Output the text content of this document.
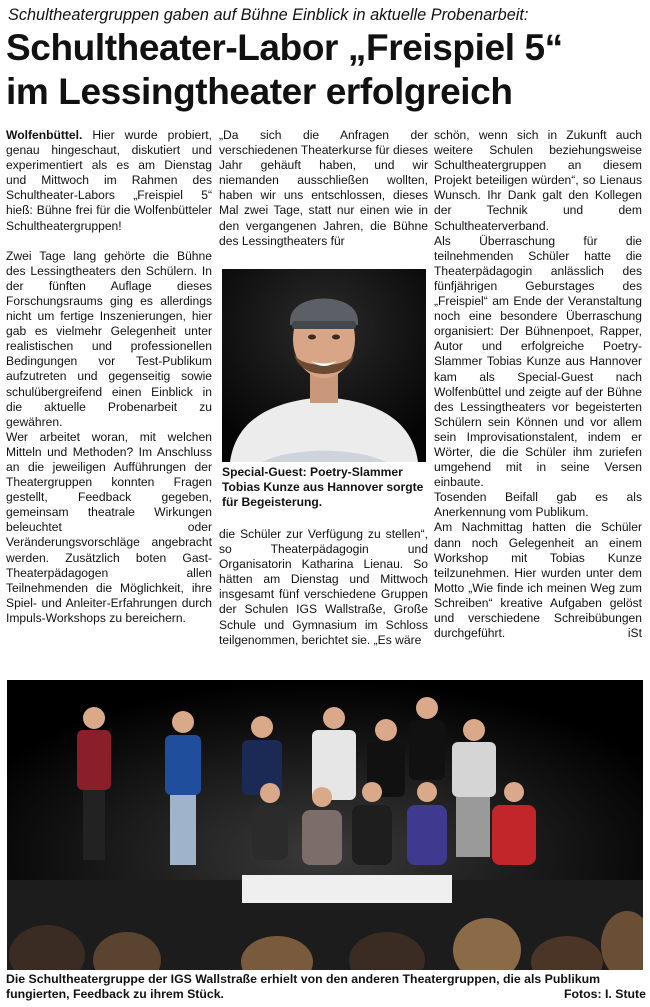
Schultheatergruppen gaben auf Bühne Einblick in aktuelle Probenarbeit:
Schultheater-Labor „Freispiel 5“
im Lessingtheater erfolgreich

Wolfenbüttel. Hier wurde probiert, genau hingeschaut, diskutiert und experimentiert als es am Dienstag und Mittwoch im Rahmen des Schultheater-Labors „Freispiel 5“ hieß: Bühne frei für die Wolfenbütteler Schultheatergruppen!

Zwei Tage lang gehörte die Bühne des Lessingtheaters den Schülern. In der fünften Auflage dieses Forschungsraums ging es allerdings nicht um fertige Inszenierungen, hier gab es vielmehr Gelegenheit unter realistischen und professionellen Bedingungen vor Test-Publikum aufzutreten und gegenseitig sowie schulübergreifend einen Einblick in die aktuelle Probenarbeit zu gewähren.

Wer arbeitet woran, mit welchen Mitteln und Methoden? Im Anschluss an die jeweiligen Aufführungen der Theatergruppen konnten Fragen gestellt, Feedback gegeben, gemeinsam theatrale Wirkungen beleuchtet oder Veränderungsvorschläge angebracht werden. Zusätzlich boten Gast-Theaterpädagogen allen Teilnehmenden die Möglichkeit, ihre Spiel- und Anleiter-Erfahrungen durch Impuls-Workshops zu bereichern.

„Da sich die Anfragen der verschiedenen Theaterkurse für dieses Jahr gehäuft haben, und wir niemanden ausschließen wollten, haben wir uns entschlossen, dieses Mal zwei Tage, statt nur einen wie in den vergangenen Jahren, die Bühne des Lessingtheaters für

Special-Guest: Poetry-Slammer Tobias Kunze aus Hannover sorgte für Begeisterung.

die Schüler zur Verfügung zu stellen“, so Theaterpädagogin und Organisatorin Katharina Lienau. So hätten am Dienstag und Mittwoch insgesamt fünf verschiedene Gruppen der Schulen IGS Wallstraße, Große Schule und Gymnasium im Schloss teilgenommen, berichtet sie. „Es wäre

schön, wenn sich in Zukunft auch weitere Schulen beziehungsweise Schultheatergruppen an diesem Projekt beteiligen würden“, so Lienaus Wunsch. Ihr Dank galt den Kollegen der Technik und dem Schultheaterverband.

Als Überraschung für die teilnehmenden Schüler hatte die Theaterpädagogin anlässlich des fünfjährigen Geburstages des „Freispiel“ am Ende der Veranstaltung noch eine besondere Überraschung organisiert: Der Bühnenpoet, Rapper, Autor und erfolgreiche Poetry-Slammer Tobias Kunze aus Hannover kam als Special-Guest nach Wolfenbüttel und zeigte auf der Bühne des Lessingtheaters vor begeisterten Schülern sein Können und vor allem sein Improvisationstalent, indem er Wörter, die die Schüler ihm zuriefen umgehend mit in seine Versen einbaute.

Tosenden Beifall gab es als Anerkennung vom Publikum.

Am Nachmittag hatten die Schüler dann noch Gelegenheit an einem Workshop mit Tobias Kunze teilzunehmen. Hier wurden unter dem Motto „Wie finde ich meinen Weg zum Schreiben“ kreative Aufgaben gelöst und verschiedene Schreibübungen durchgeführt.	iSt

Die Schultheatergruppe der IGS Wallstraße erhielt von den anderen Theatergruppen, die als Publikum fungierten, Feedback zu ihrem Stück.	Fotos: I. Stute
